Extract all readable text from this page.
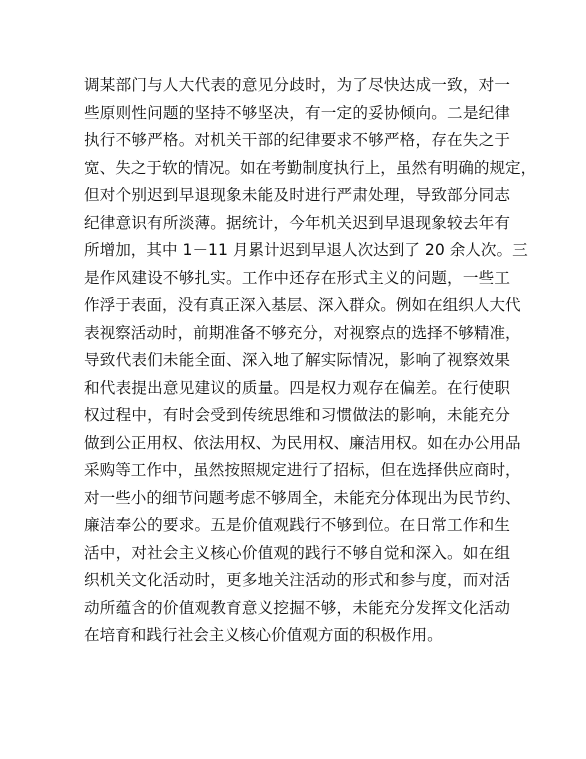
调某部门与人大代表的意见分歧时，为了尽快达成一致，对一
些原则性问题的坚持不够坚决，有一定的妥协倾向。二是纪律
执行不够严格。对机关干部的纪律要求不够严格，存在失之于
宽、失之于软的情况。如在考勤制度执行上，虽然有明确的规定，
但对个别迟到早退现象未能及时进行严肃处理，导致部分同志
纪律意识有所淡薄。据统计，今年机关迟到早退现象较去年有
所增加，其中 1－11 月累计迟到早退人次达到了 20 余人次。三
是作风建设不够扎实。工作中还存在形式主义的问题，一些工
作浮于表面，没有真正深入基层、深入群众。例如在组织人大代
表视察活动时，前期准备不够充分，对视察点的选择不够精准，
导致代表们未能全面、深入地了解实际情况，影响了视察效果
和代表提出意见建议的质量。四是权力观存在偏差。在行使职
权过程中，有时会受到传统思维和习惯做法的影响，未能充分
做到公正用权、依法用权、为民用权、廉洁用权。如在办公用品
采购等工作中，虽然按照规定进行了招标，但在选择供应商时，
对一些小的细节问题考虑不够周全，未能充分体现出为民节约、
廉洁奉公的要求。五是价值观践行不够到位。在日常工作和生
活中，对社会主义核心价值观的践行不够自觉和深入。如在组
织机关文化活动时，更多地关注活动的形式和参与度，而对活
动所蕴含的价值观教育意义挖掘不够，未能充分发挥文化活动
在培育和践行社会主义核心价值观方面的积极作用。
